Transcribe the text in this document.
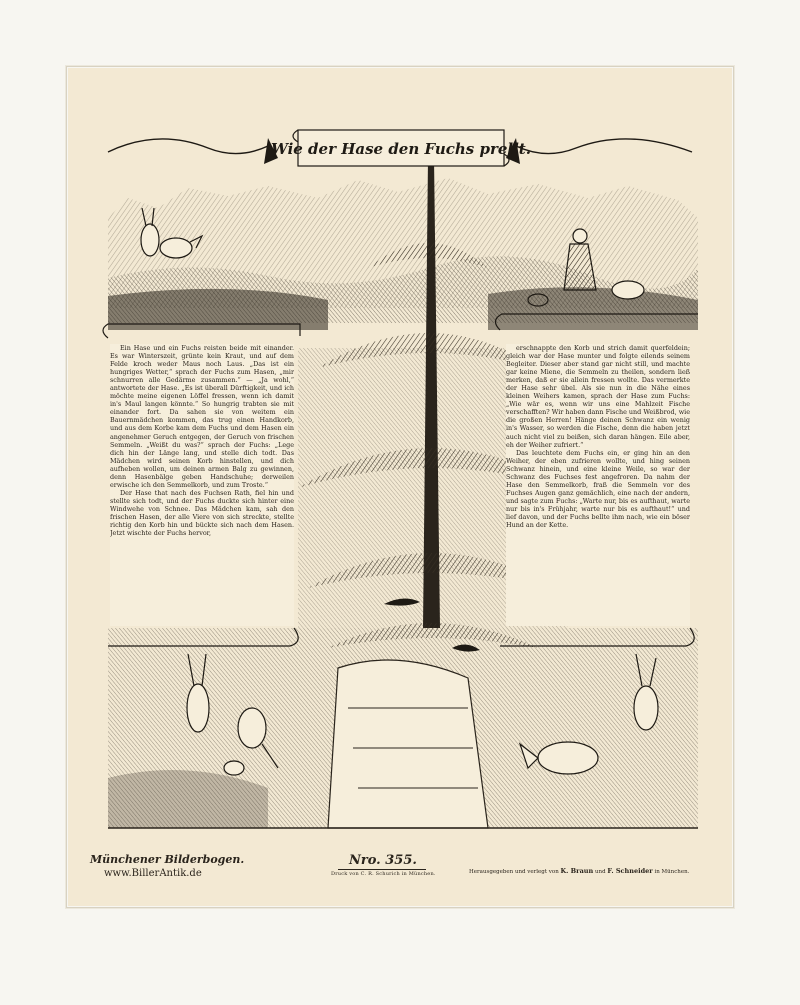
Wie der Hase den Fuchs prellt.

Ein Hase und ein Fuchs reisten beide mit einander. Es war Winterszeit, grünte kein Kraut, und auf dem Felde kroch weder Maus noch Laus. „Das ist ein hungriges Wetter,“ sprach der Fuchs zum Hasen, „mir schnurren alle Gedärme zusammen.“ — „Ja wohl,“ antwortete der Hase. „Es ist überall Dürftigkeit, und ich möchte meine eigenen Löffel fressen, wenn ich damit in's Maul langen könnte.“ So hungrig trabten sie mit einander fort. Da sahen sie von weitem ein Bauernmädchen kommen, das trug einen Handkorb, und aus dem Korbe kam dem Fuchs und dem Hasen ein angenehmer Geruch entgegen, der Geruch von frischen Semmeln. „Weißt du was?“ sprach der Fuchs: „Lege dich hin der Länge lang, und stelle dich todt. Das Mädchen wird seinen Korb hinstellen, und dich aufheben wollen, um deinen armen Balg zu gewinnen, denn Hasenbälge geben Handschuhe; derweilen erwische ich den Semmelkorb, und zum Troste.“

Der Hase that nach des Fuchsen Rath, fiel hin und stellte sich todt, und der Fuchs duckte sich hinter eine Windwehe von Schnee. Das Mädchen kam, sah den frischen Hasen, der alle Viere von sich streckte, stellte richtig den Korb hin und bückte sich nach dem Hasen. Jetzt wischte der Fuchs hervor,

erschnappte den Korb und strich damit querfeldein; gleich war der Hase munter und folgte eilends seinem Begleiter. Dieser aber stand gar nicht still, und machte gar keine Miene, die Semmeln zu theilen, sondern ließ merken, daß er sie allein fressen wollte. Das vermerkte der Hase sehr übel. Als sie nun in die Nähe eines kleinen Weihers kamen, sprach der Hase zum Fuchs: „Wie wär es, wenn wir uns eine Mahlzeit Fische verschafften? Wir haben dann Fische und Weißbrod, wie die großen Herren! Hänge deinen Schwanz ein wenig in's Wasser, so werden die Fische, denn die haben jetzt auch nicht viel zu beißen, sich daran hängen. Eile aber, eh der Weiher zufriert.“

Das leuchtete dem Fuchs ein, er ging hin an den Weiher, der eben zufrieren wollte, und hing seinen Schwanz hinein, und eine kleine Weile, so war der Schwanz des Fuchses fest angefroren. Da nahm der Hase den Semmelkorb, fraß die Semmeln vor des Fuchses Augen ganz gemächlich, eine nach der andern, und sagte zum Fuchs: „Warte nur, bis es aufthaut, warte nur bis in's Frühjahr, warte nur bis es aufthaut!“ und lief davon, und der Fuchs bellte ihm nach, wie ein böser Hund an der Kette.

Münchener Bilderbogen.
www.BillerAntik.de
Nro. 355.
Druck von C. R. Schurich in München.	Herausgegeben und verlegt von K. Braun und F. Schneider in München.
